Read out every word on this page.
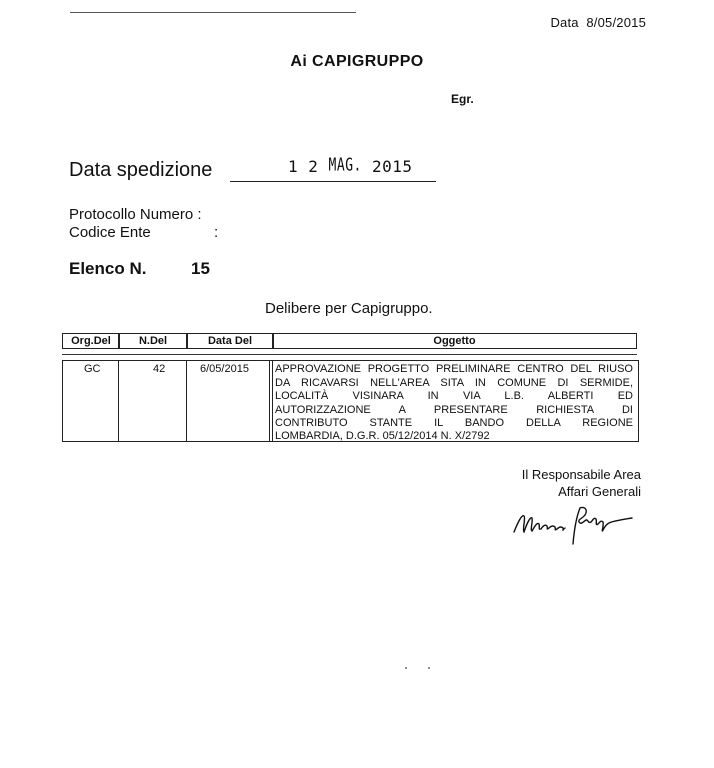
Data 8/05/2015
Ai CAPIGRUPPO
Egr.
Data spedizione	1 2 MAG. 2015
Protocollo Numero :
Codice Ente	:
Elenco N.	15
Delibere per Capigruppo.
Org.Del	N.Del	Data Del	Oggetto
GC	42	6/05/2015 APPROVAZIONE PROGETTO PRELIMINARE CENTRO DEL RIUSO
DA RICAVARSI NELL'AREA SITA IN COMUNE DI SERMIDE,
LOCALITÀ VISINARA IN VIA L.B. ALBERTI ED
AUTORIZZAZIONE A PRESENTARE RICHIESTA DI
CONTRIBUTO STANTE IL BANDO DELLA REGIONE
LOMBARDIA, D.G.R. 05/12/2014 N. X/2792
Il Responsabile Area
Affari Generali
